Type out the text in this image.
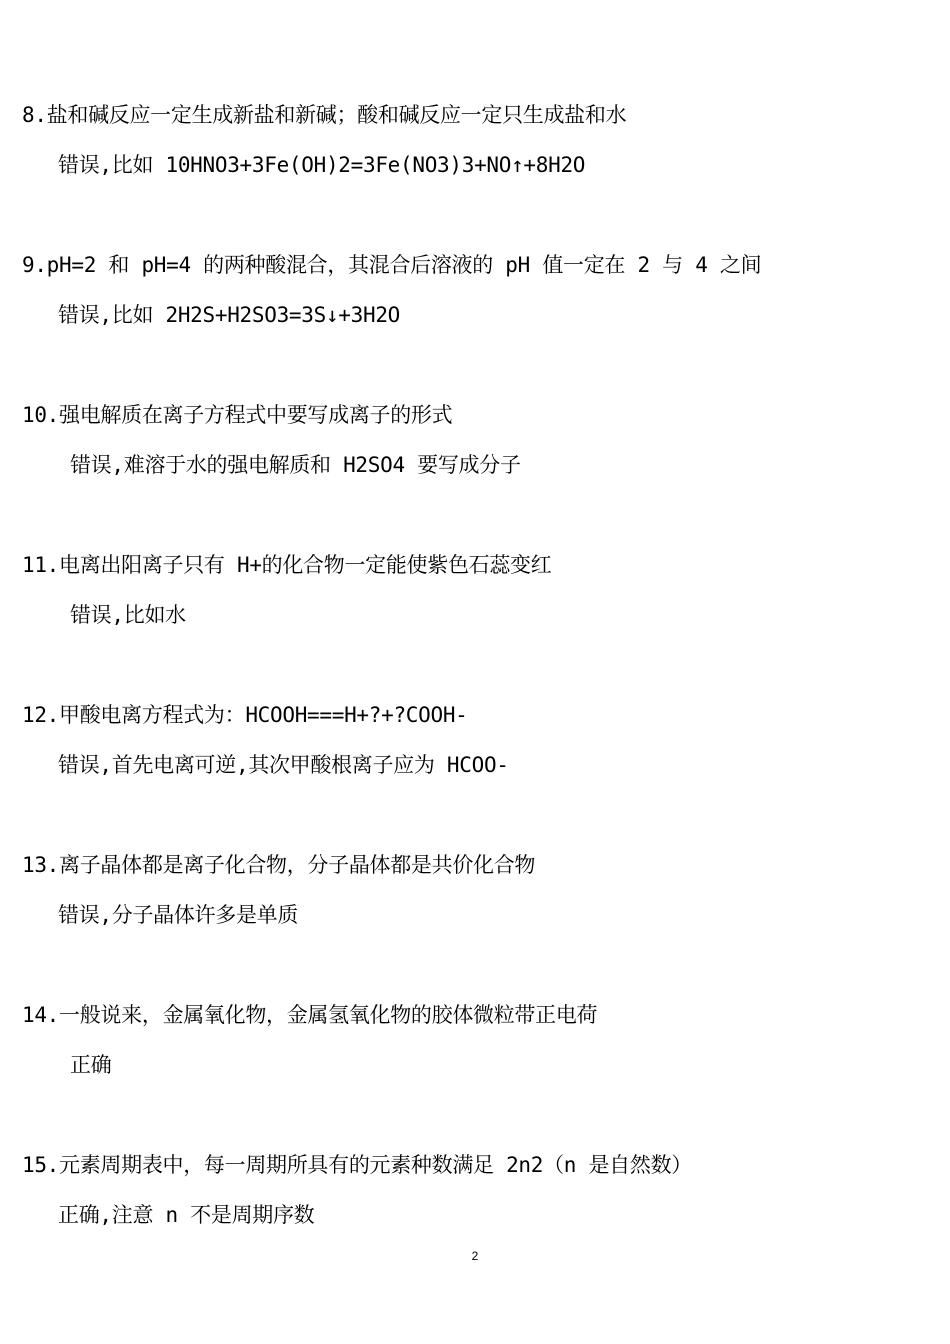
8.盐和碱反应一定生成新盐和新碱；酸和碱反应一定只生成盐和水
错误,比如 10HNO3+3Fe(OH)2=3Fe(NO3)3+NO↑+8H2O
9.pH=2 和 pH=4 的两种酸混合，其混合后溶液的 pH 值一定在 2 与 4 之间
错误,比如 2H2S+H2SO3=3S↓+3H2O
10.强电解质在离子方程式中要写成离子的形式
错误,难溶于水的强电解质和 H2SO4 要写成分子
11.电离出阳离子只有 H+的化合物一定能使紫色石蕊变红
错误,比如水
12.甲酸电离方程式为：HCOOH===H+?+?COOH-
错误,首先电离可逆,其次甲酸根离子应为 HCOO-
13.离子晶体都是离子化合物，分子晶体都是共价化合物
错误,分子晶体许多是单质
14.一般说来，金属氧化物，金属氢氧化物的胶体微粒带正电荷
正确
15.元素周期表中，每一周期所具有的元素种数满足 2n2（n 是自然数）
正确,注意 n 不是周期序数
2
